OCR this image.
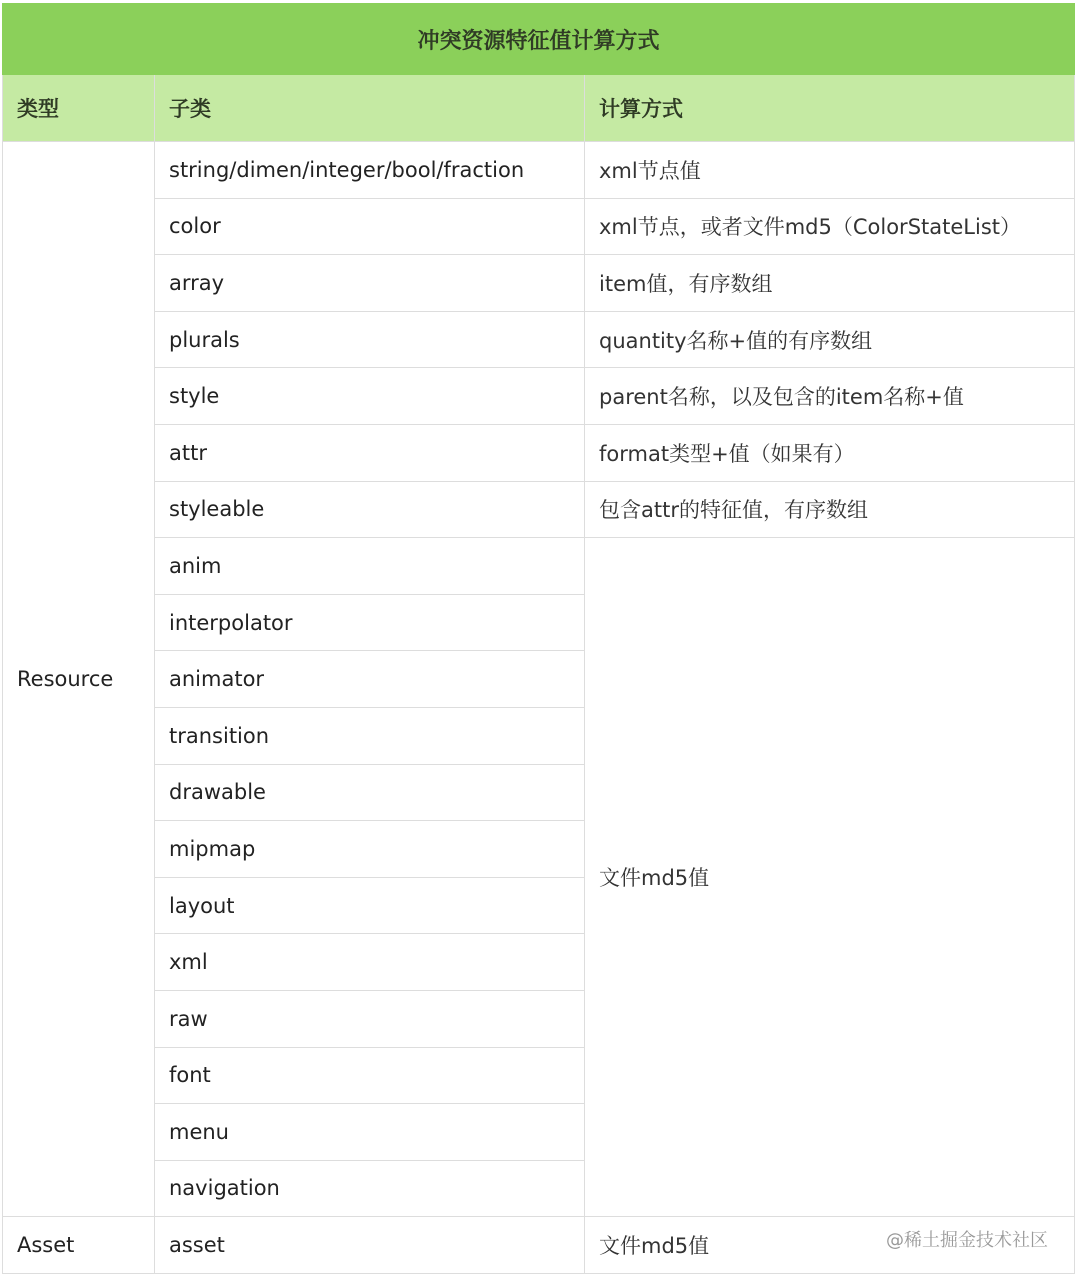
冲突资源特征值计算方式		
类型	子类	计算方式
Resource	string/dimen/integer/bool/fraction	xml节点值
	color	xml节点，或者文件md5（ColorStateList）
	array	item值，有序数组
	plurals	quantity名称+值的有序数组
	style	parent名称，以及包含的item名称+值
	attr	format类型+值（如果有）
	styleable	包含attr的特征值，有序数组
	anim	文件md5值
	interpolator	
	animator	
	transition	
	drawable	
	mipmap	
	layout	
	xml	
	raw	
	font	
	menu	
	navigation	
Asset	asset	文件md5值	@稀土掘金技术社区
